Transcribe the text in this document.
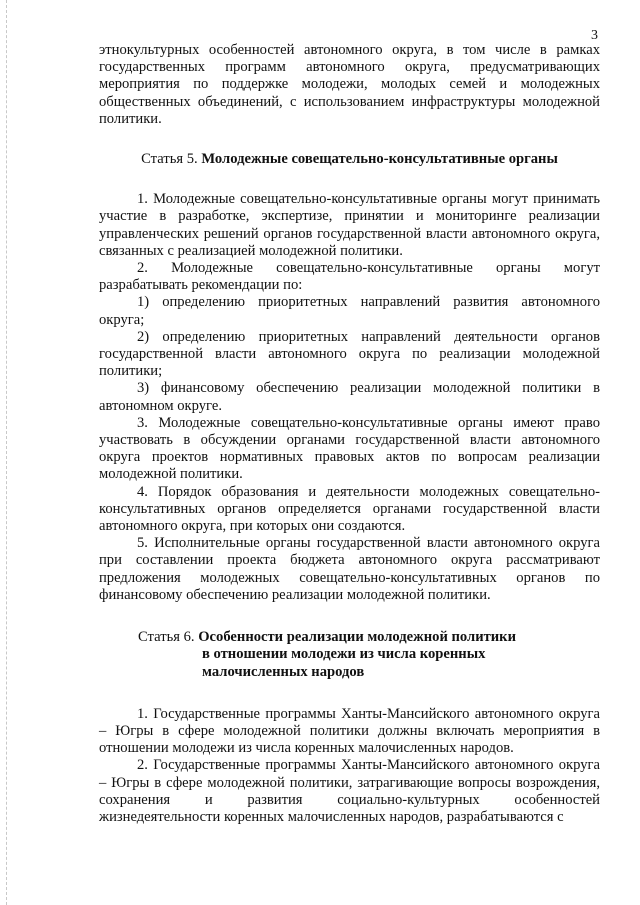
3

этнокультурных особенностей автономного округа, в том числе в рамках государственных программ автономного округа, предусматривающих мероприятия по поддержке молодежи, молодых семей и молодежных общественных объединений, с использованием инфраструктуры молодежной политики.

Статья 5. Молодежные совещательно-консультативные органы

1. Молодежные совещательно-консультативные органы могут принимать участие в разработке, экспертизе, принятии и мониторинге реализации управленческих решений органов государственной власти автономного округа, связанных с реализацией молодежной политики.

2. Молодежные совещательно-консультативные органы могут разрабатывать рекомендации по:

1) определению приоритетных направлений развития автономного округа;

2) определению приоритетных направлений деятельности органов государственной власти автономного округа по реализации молодежной политики;

3) финансовому обеспечению реализации молодежной политики в автономном округе.

3. Молодежные совещательно-консультативные органы имеют право участвовать в обсуждении органами государственной власти автономного округа проектов нормативных правовых актов по вопросам реализации молодежной политики.

4. Порядок образования и деятельности молодежных совещательно-консультативных органов определяется органами государственной власти автономного округа, при которых они создаются.

5. Исполнительные органы государственной власти автономного округа при составлении проекта бюджета автономного округа рассматривают предложения молодежных совещательно-консультативных органов по финансовому обеспечению реализации молодежной политики.

Статья 6. Особенности реализации молодежной политики
в отношении молодежи из числа коренных
малочисленных народов

1. Государственные программы Ханты-Мансийского автономного округа – Югры в сфере молодежной политики должны включать мероприятия в отношении молодежи из числа коренных малочисленных народов.

2. Государственные программы Ханты-Мансийского автономного округа – Югры в сфере молодежной политики, затрагивающие вопросы возрождения, сохранения и развития социально-культурных особенностей жизнедеятельности коренных малочисленных народов, разрабатываются с
